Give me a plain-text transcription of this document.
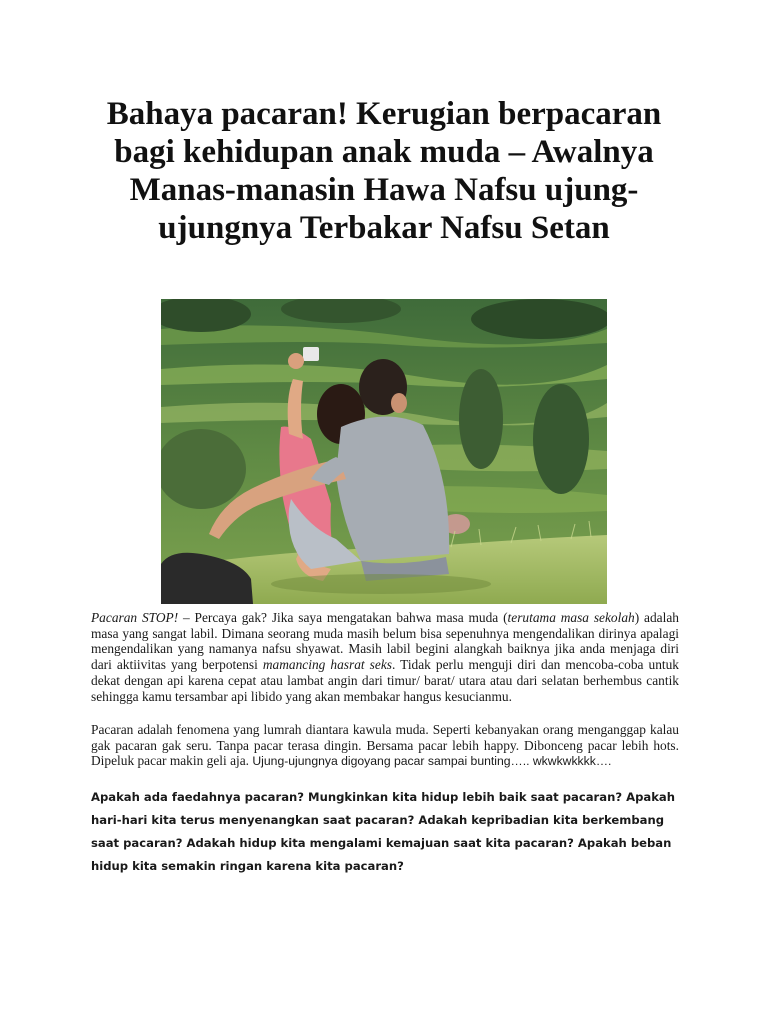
Bahaya pacaran! Kerugian berpacaran bagi kehidupan anak muda – Awalnya Manas-manasin Hawa Nafsu ujung-ujungnya Terbakar Nafsu Setan

Pacaran STOP! – Percaya gak? Jika saya mengatakan bahwa masa muda (terutama masa sekolah) adalah masa yang sangat labil. Dimana seorang muda masih belum bisa sepenuhnya mengendalikan dirinya apalagi mengendalikan yang namanya nafsu shyawat. Masih labil begini alangkah baiknya jika anda menjaga diri dari aktiivitas yang berpotensi mamancing hasrat seks. Tidak perlu menguji diri dan mencoba-coba untuk dekat dengan api karena cepat atau lambat angin dari timur/ barat/ utara atau dari selatan berhembus cantik sehingga kamu tersambar api libido yang akan membakar hangus kesucianmu.

Pacaran adalah fenomena yang lumrah diantara kawula muda. Seperti kebanyakan orang menganggap kalau gak pacaran gak seru. Tanpa pacar terasa dingin. Bersama pacar lebih happy. Dibonceng pacar lebih hots. Dipeluk pacar makin geli aja. Ujung-ujungnya digoyang pacar sampai bunting….. wkwkwkkkk….

Apakah ada faedahnya pacaran? Mungkinkan kita hidup lebih baik saat pacaran? Apakah hari-hari kita terus menyenangkan saat pacaran? Adakah kepribadian kita berkembang saat pacaran? Adakah hidup kita mengalami kemajuan saat kita pacaran? Apakah beban hidup kita semakin ringan karena kita pacaran?
